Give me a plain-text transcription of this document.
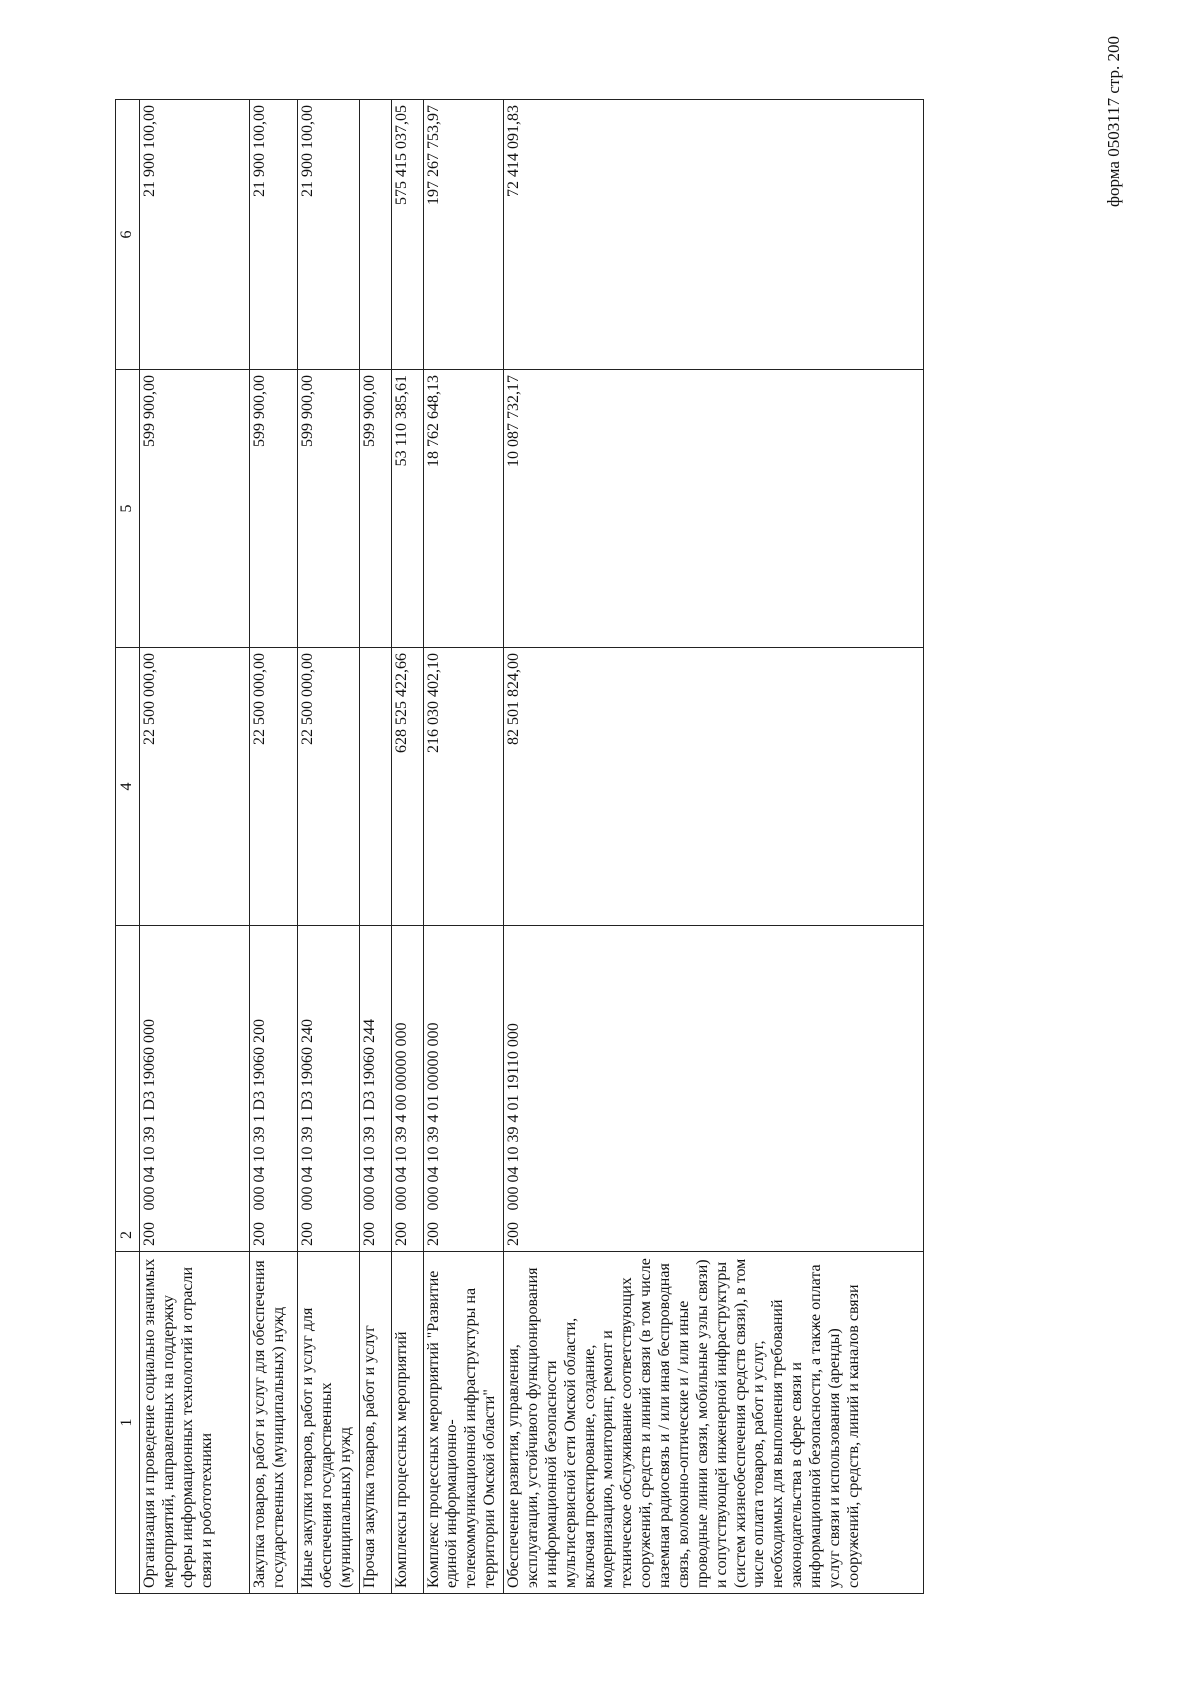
форма 0503117 стр. 200
1	2		4	5	6
Организация и проведение социально значимых мероприятий, направленных на поддержку сферы информационных технологий и отрасли связи и робототехники	200	000 04 10 39 1 D3 19060 000	22 500 000,00	599 900,00	21 900 100,00
Закупка товаров, работ и услуг для обеспечения государственных (муниципальных) нужд	200	000 04 10 39 1 D3 19060 200	22 500 000,00	599 900,00	21 900 100,00
Иные закупки товаров, работ и услуг для обеспечения государственных (муниципальных) нужд	200	000 04 10 39 1 D3 19060 240	22 500 000,00	599 900,00	21 900 100,00
Прочая закупка товаров, работ и услуг	200	000 04 10 39 1 D3 19060 244		599 900,00	
Комплексы процессных мероприятий	200	000 04 10 39 4 00 00000 000	628 525 422,66	53 110 385,61	575 415 037,05
Комплекс процессных мероприятий "Развитие единой информационно-телекоммуникационной инфраструктуры на территории Омской области"	200	000 04 10 39 4 01 00000 000	216 030 402,10	18 762 648,13	197 267 753,97
Обеспечение развития, управления, эксплуатации, устойчивого функционирования и информационной безопасности мультисервисной сети Омской области, включая проектирование, создание, модернизацию, мониторинг, ремонт и техническое обслуживание соответствующих сооружений, средств и линий связи (в том числе наземная радиосвязь и / или иная беспроводная связь, волоконно-оптические и / или иные проводные линии связи, мобильные узлы связи) и сопутствующей инженерной инфраструктуры (систем жизнеобеспечения средств связи), в том числе оплата товаров, работ и услуг, необходимых для выполнения требований законодательства в сфере связи и информационной безопасности, а также оплата услуг связи и использования (аренды) сооружений, средств, линий и каналов связи	200	000 04 10 39 4 01 19110 000	82 501 824,00	10 087 732,17	72 414 091,83
